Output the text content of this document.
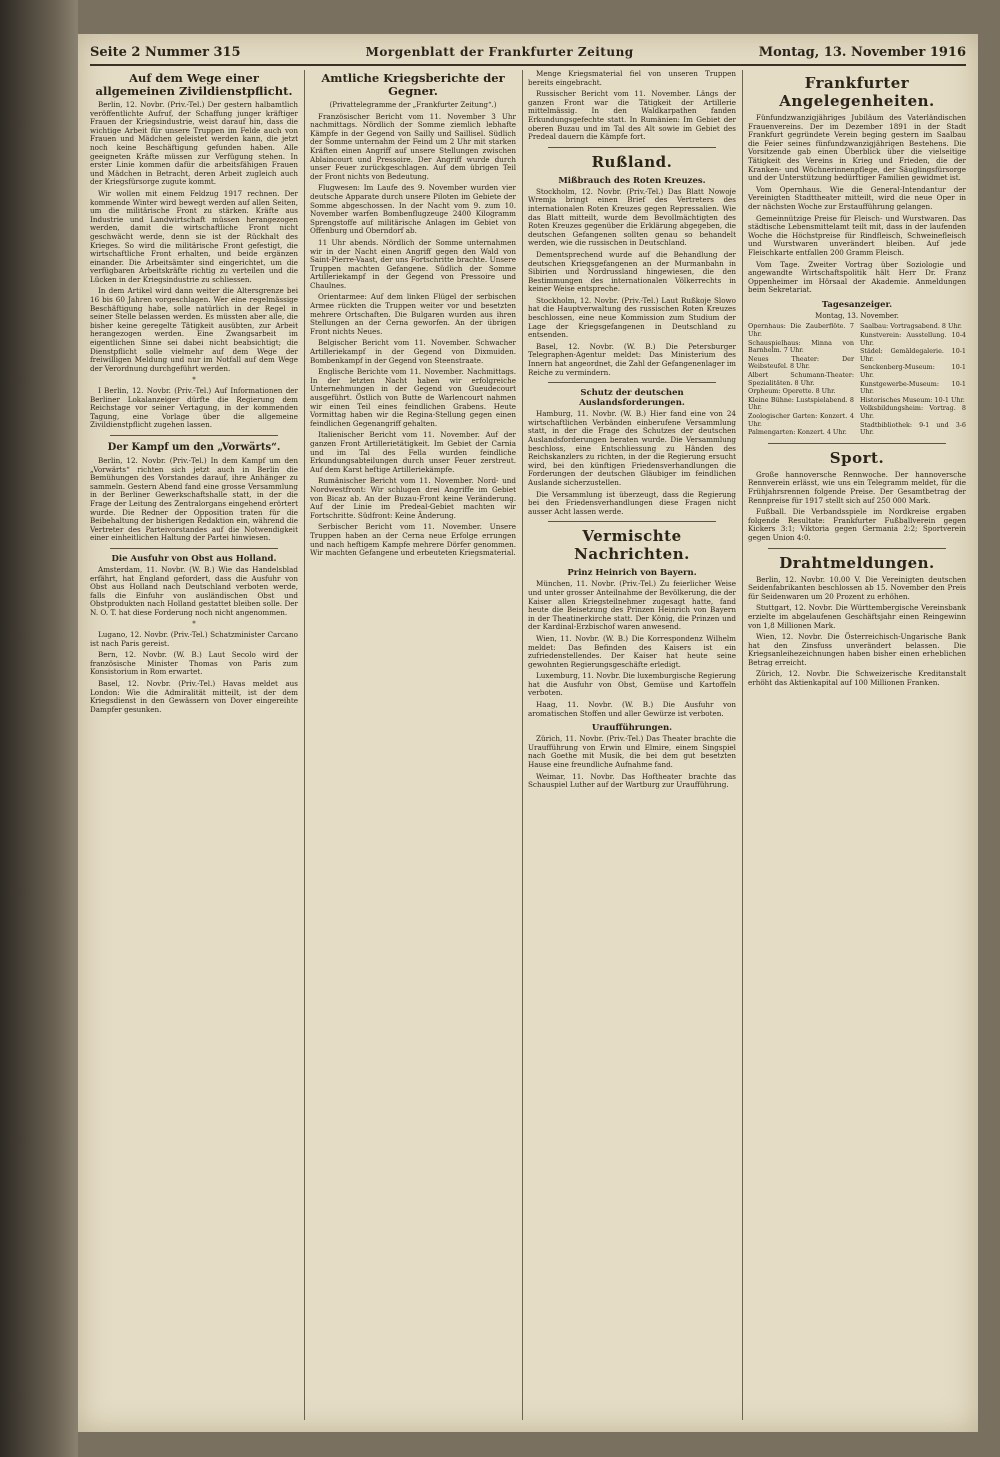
Seite 2 Nummer 315	Morgenblatt der Frankfurter Zeitung	Montag, 13. November 1916
Auf dem Wege einer allgemeinen Zivildienstpflicht.

Berlin, 12. Novbr. (Priv.-Tel.) Der gestern halbamtlich veröffentlichte Aufruf, der Schaffung junger kräftiger Frauen der Kriegsindustrie, weist darauf hin, dass die wichtige Arbeit für unsere Truppen im Felde auch von Frauen und Mädchen geleistet werden kann, die jetzt noch keine Beschäftigung gefunden haben. Alle geeigneten Kräfte müssen zur Verfügung stehen. In erster Linie kommen dafür die arbeitsfähigen Frauen und Mädchen in Betracht, deren Arbeit zugleich auch der Kriegsfürsorge zugute kommt.

Wir wollen mit einem Feldzug 1917 rechnen. Der kommende Winter wird bewegt werden auf allen Seiten, um die militärische Front zu stärken. Kräfte aus Industrie und Landwirtschaft müssen herangezogen werden, damit die wirtschaftliche Front nicht geschwächt werde, denn sie ist der Rückhalt des Krieges. So wird die militärische Front gefestigt, die wirtschaftliche Front erhalten, und beide ergänzen einander. Die Arbeitsämter sind eingerichtet, um die verfügbaren Arbeitskräfte richtig zu verteilen und die Lücken in der Kriegsindustrie zu schliessen.

In dem Artikel wird dann weiter die Altersgrenze bei 16 bis 60 Jahren vorgeschlagen. Wer eine regelmässige Beschäftigung habe, solle natürlich in der Regel in seiner Stelle belassen werden. Es müssten aber alle, die bisher keine geregelte Tätigkeit ausübten, zur Arbeit herangezogen werden. Eine Zwangsarbeit im eigentlichen Sinne sei dabei nicht beabsichtigt; die Dienstpflicht solle vielmehr auf dem Wege der freiwilligen Meldung und nur im Notfall auf dem Wege der Verordnung durchgeführt werden.

*

I Berlin, 12. Novbr. (Priv.-Tel.) Auf Informationen der Berliner Lokalanzeiger dürfte die Regierung dem Reichstage vor seiner Vertagung, in der kommenden Tagung, eine Vorlage über die allgemeine Zivildienstpflicht zugehen lassen.

Der Kampf um den „Vorwärts“.

Berlin, 12. Novbr. (Priv.-Tel.) In dem Kampf um den „Vorwärts“ richten sich jetzt auch in Berlin die Bemühungen des Vorstandes darauf, ihre Anhänger zu sammeln. Gestern Abend fand eine grosse Versammlung in der Berliner Gewerkschaftshalle statt, in der die Frage der Leitung des Zentralorgans eingehend erörtert wurde. Die Redner der Opposition traten für die Beibehaltung der bisherigen Redaktion ein, während die Vertreter des Parteivorstandes auf die Notwendigkeit einer einheitlichen Haltung der Partei hinwiesen.

Die Ausfuhr von Obst aus Holland.

Amsterdam, 11. Novbr. (W. B.) Wie das Handelsblad erfährt, hat England gefordert, dass die Ausfuhr von Obst aus Holland nach Deutschland verboten werde, falls die Einfuhr von ausländischen Obst und Obstprodukten nach Holland gestattet bleiben solle. Der N. O. T. hat diese Forderung noch nicht angenommen.

*

Lugano, 12. Novbr. (Priv.-Tel.) Schatzminister Carcano ist nach Paris gereist.

Bern, 12. Novbr. (W. B.) Laut Secolo wird der französische Minister Thomas von Paris zum Konsistorium in Rom erwartet.

Basel, 12. Novbr. (Priv.-Tel.) Havas meldet aus London: Wie die Admiralität mitteilt, ist der dem Kriegsdienst in den Gewässern von Dover eingereihte Dampfer gesunken.

Amtliche Kriegsberichte der Gegner.
(Privattelegramme der „Frankfurter Zeitung“.)

Französischer Bericht vom 11. November 3 Uhr nachmittags. Nördlich der Somme ziemlich lebhafte Kämpfe in der Gegend von Sailly und Saillisel. Südlich der Somme unternahm der Feind um 2 Uhr mit starken Kräften einen Angriff auf unsere Stellungen zwischen Ablaincourt und Pressoire. Der Angriff wurde durch unser Feuer zurückgeschlagen. Auf dem übrigen Teil der Front nichts von Bedeutung.

Flugwesen: Im Laufe des 9. November wurden vier deutsche Apparate durch unsere Piloten im Gebiete der Somme abgeschossen. In der Nacht vom 9. zum 10. November warfen Bombenflugzeuge 2400 Kilogramm Sprengstoffe auf militärische Anlagen im Gebiet von Offenburg und Oberndorf ab.

11 Uhr abends. Nördlich der Somme unternahmen wir in der Nacht einen Angriff gegen den Wald von Saint-Pierre-Vaast, der uns Fortschritte brachte. Unsere Truppen machten Gefangene. Südlich der Somme Artilleriekampf in der Gegend von Pressoire und Chaulnes.

Orientarmee: Auf dem linken Flügel der serbischen Armee rückten die Truppen weiter vor und besetzten mehrere Ortschaften. Die Bulgaren wurden aus ihren Stellungen an der Cerna geworfen. An der übrigen Front nichts Neues.

Belgischer Bericht vom 11. November. Schwacher Artilleriekampf in der Gegend von Dixmuiden. Bombenkampf in der Gegend von Steenstraate.

Englische Berichte vom 11. November. Nachmittags. In der letzten Nacht haben wir erfolgreiche Unternehmungen in der Gegend von Gueudecourt ausgeführt. Östlich von Butte de Warlencourt nahmen wir einen Teil eines feindlichen Grabens. Heute Vormittag haben wir die Regina-Stellung gegen einen feindlichen Gegenangriff gehalten.

Italienischer Bericht vom 11. November. Auf der ganzen Front Artillerietätigkeit. Im Gebiet der Carnia und im Tal des Fella wurden feindliche Erkundungsabteilungen durch unser Feuer zerstreut. Auf dem Karst heftige Artilleriekämpfe.

Rumänischer Bericht vom 11. November. Nord- und Nordwestfront: Wir schlugen drei Angriffe im Gebiet von Bicaz ab. An der Buzau-Front keine Veränderung. Auf der Linie im Predeal-Gebiet machten wir Fortschritte. Südfront: Keine Änderung.

Serbischer Bericht vom 11. November. Unsere Truppen haben an der Cerna neue Erfolge errungen und nach heftigem Kampfe mehrere Dörfer genommen. Wir machten Gefangene und erbeuteten Kriegsmaterial.

Menge Kriegsmaterial fiel von unseren Truppen bereits eingebracht.

Russischer Bericht vom 11. November. Längs der ganzen Front war die Tätigkeit der Artillerie mittelmässig. In den Waldkarpathen fanden Erkundungsgefechte statt. In Rumänien: Im Gebiet der oberen Buzau und im Tal des Alt sowie im Gebiet des Predeal dauern die Kämpfe fort.

Rußland.
Mißbrauch des Roten Kreuzes.

Stockholm, 12. Novbr. (Priv.-Tel.) Das Blatt Nowoje Wremja bringt einen Brief des Vertreters des internationalen Roten Kreuzes gegen Repressalien. Wie das Blatt mitteilt, wurde dem Bevollmächtigten des Roten Kreuzes gegenüber die Erklärung abgegeben, die deutschen Gefangenen sollten genau so behandelt werden, wie die russischen in Deutschland.

Dementsprechend wurde auf die Behandlung der deutschen Kriegsgefangenen an der Murmanbahn in Sibirien und Nordrussland hingewiesen, die den Bestimmungen des internationalen Völkerrechts in keiner Weise entspreche.

Stockholm, 12. Novbr. (Priv.-Tel.) Laut Rußkoje Slowo hat die Hauptverwaltung des russischen Roten Kreuzes beschlossen, eine neue Kommission zum Studium der Lage der Kriegsgefangenen in Deutschland zu entsenden.

Basel, 12. Novbr. (W. B.) Die Petersburger Telegraphen-Agentur meldet: Das Ministerium des Innern hat angeordnet, die Zahl der Gefangenenlager im Reiche zu vermindern.

Schutz der deutschen Auslandsforderungen.

Hamburg, 11. Novbr. (W. B.) Hier fand eine von 24 wirtschaftlichen Verbänden einberufene Versammlung statt, in der die Frage des Schutzes der deutschen Auslandsforderungen beraten wurde. Die Versammlung beschloss, eine Entschliessung zu Händen des Reichskanzlers zu richten, in der die Regierung ersucht wird, bei den künftigen Friedensverhandlungen die Forderungen der deutschen Gläubiger im feindlichen Auslande sicherzustellen.

Die Versammlung ist überzeugt, dass die Regierung bei den Friedensverhandlungen diese Fragen nicht ausser Acht lassen werde.

Vermischte Nachrichten.
Prinz Heinrich von Bayern.

München, 11. Novbr. (Priv.-Tel.) Zu feierlicher Weise und unter grosser Anteilnahme der Bevölkerung, die der Kaiser allen Kriegsteilnehmer zugesagt hatte, fand heute die Beisetzung des Prinzen Heinrich von Bayern in der Theatinerkirche statt. Der König, die Prinzen und der Kardinal-Erzbischof waren anwesend.

Wien, 11. Novbr. (W. B.) Die Korrespondenz Wilhelm meldet: Das Befinden des Kaisers ist ein zufriedenstellendes. Der Kaiser hat heute seine gewohnten Regierungsgeschäfte erledigt.

Luxemburg, 11. Novbr. Die luxemburgische Regierung hat die Ausfuhr von Obst, Gemüse und Kartoffeln verboten.

Haag, 11. Novbr. (W. B.) Die Ausfuhr von aromatischen Stoffen und aller Gewürze ist verboten.

Uraufführungen.

Zürich, 11. Novbr. (Priv.-Tel.) Das Theater brachte die Uraufführung von Erwin und Elmire, einem Singspiel nach Goethe mit Musik, die bei dem gut besetzten Hause eine freundliche Aufnahme fand.

Weimar, 11. Novbr. Das Hoftheater brachte das Schauspiel Luther auf der Wartburg zur Uraufführung.

Frankfurter Angelegenheiten.

Fünfundzwanzigjähriges Jubiläum des Vaterländischen Frauenvereins. Der im Dezember 1891 in der Stadt Frankfurt gegründete Verein beging gestern im Saalbau die Feier seines fünfundzwanzigjährigen Bestehens. Die Vorsitzende gab einen Überblick über die vielseitige Tätigkeit des Vereins in Krieg und Frieden, die der Kranken- und Wöchnerinnenpflege, der Säuglingsfürsorge und der Unterstützung bedürftiger Familien gewidmet ist.

Vom Opernhaus. Wie die General-Intendantur der Vereinigten Stadttheater mitteilt, wird die neue Oper in der nächsten Woche zur Erstaufführung gelangen.

Gemeinnützige Preise für Fleisch- und Wurstwaren. Das städtische Lebensmittelamt teilt mit, dass in der laufenden Woche die Höchstpreise für Rindfleisch, Schweinefleisch und Wurstwaren unverändert bleiben. Auf jede Fleischkarte entfallen 200 Gramm Fleisch.

Vom Tage. Zweiter Vortrag über Soziologie und angewandte Wirtschaftspolitik hält Herr Dr. Franz Oppenheimer im Hörsaal der Akademie. Anmeldungen beim Sekretariat.

Tagesanzeiger.
Montag, 13. November.
Opernhaus: Die Zauberflöte. 7 Uhr.
Schauspielhaus: Minna von Barnhelm. 7 Uhr.
Neues Theater: Der Weibsteufel. 8 Uhr.
Albert Schumann-Theater: Spezialitäten. 8 Uhr.
Orpheum: Operette. 8 Uhr.
Kleine Bühne: Lustspielabend. 8 Uhr.
Zoologischer Garten: Konzert. 4 Uhr.
Palmengarten: Konzert. 4 Uhr.
Saalbau: Vortragsabend. 8 Uhr.
Kunstverein: Ausstellung. 10-4 Uhr.
Städel: Gemäldegalerie. 10-1 Uhr.
Senckenberg-Museum: 10-1 Uhr.
Kunstgewerbe-Museum: 10-1 Uhr.
Historisches Museum: 10-1 Uhr.
Volksbildungsheim: Vortrag. 8 Uhr.
Stadtbibliothek: 9-1 und 3-6 Uhr.
Sport.

Große hannoversche Rennwoche. Der hannoversche Rennverein erlässt, wie uns ein Telegramm meldet, für die Frühjahrsrennen folgende Preise. Der Gesamtbetrag der Rennpreise für 1917 stellt sich auf 250 000 Mark.

Fußball. Die Verbandsspiele im Nordkreise ergaben folgende Resultate: Frankfurter Fußballverein gegen Kickers 3:1; Viktoria gegen Germania 2:2; Sportverein gegen Union 4:0.

Drahtmeldungen.

Berlin, 12. Novbr. 10.00 V. Die Vereinigten deutschen Seidenfabrikanten beschlossen ab 15. November den Preis für Seidenwaren um 20 Prozent zu erhöhen.

Stuttgart, 12. Novbr. Die Württembergische Vereinsbank erzielte im abgelaufenen Geschäftsjahr einen Reingewinn von 1,8 Millionen Mark.

Wien, 12. Novbr. Die Österreichisch-Ungarische Bank hat den Zinsfuss unverändert belassen. Die Kriegsanleihezeichnungen haben bisher einen erheblichen Betrag erreicht.

Zürich, 12. Novbr. Die Schweizerische Kreditanstalt erhöht das Aktienkapital auf 100 Millionen Franken.
